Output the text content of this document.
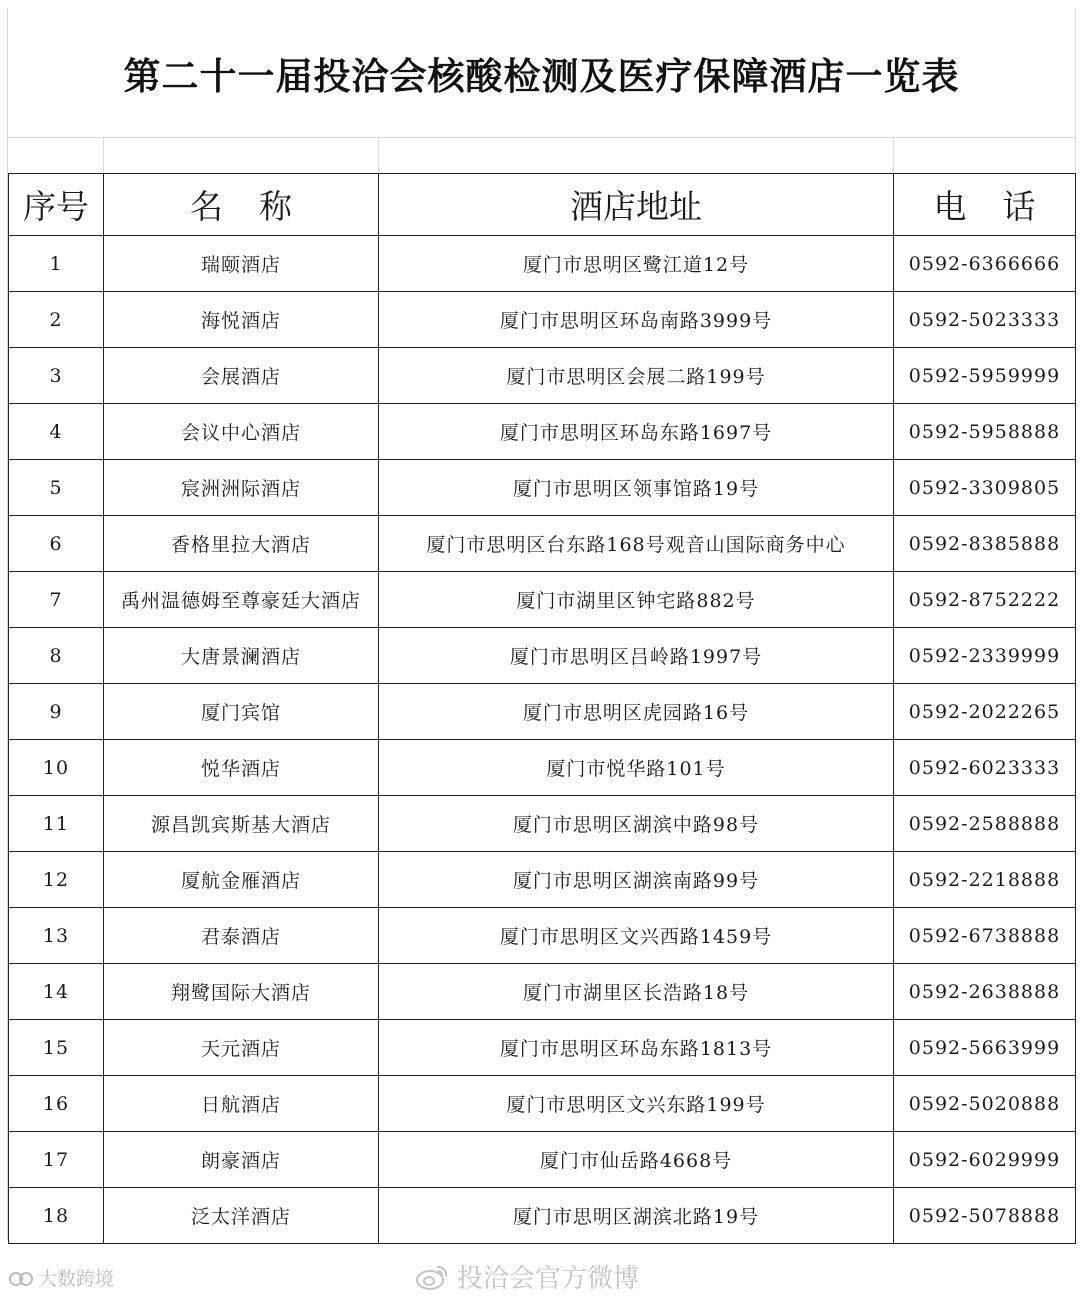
第二十一届投洽会核酸检测及医疗保障酒店一览表
序号	名称	酒店地址	电话
1	瑞颐酒店	厦门市思明区鹭江道12号	0592-6366666
2	海悦酒店	厦门市思明区环岛南路3999号	0592-5023333
3	会展酒店	厦门市思明区会展二路199号	0592-5959999
4	会议中心酒店	厦门市思明区环岛东路1697号	0592-5958888
5	宸洲洲际酒店	厦门市思明区领事馆路19号	0592-3309805
6	香格里拉大酒店	厦门市思明区台东路168号观音山国际商务中心	0592-8385888
7	禹州温德姆至尊豪廷大酒店	厦门市湖里区钟宅路882号	0592-8752222
8	大唐景澜酒店	厦门市思明区吕岭路1997号	0592-2339999
9	厦门宾馆	厦门市思明区虎园路16号	0592-2022265
10	悦华酒店	厦门市悦华路101号	0592-6023333
11	源昌凯宾斯基大酒店	厦门市思明区湖滨中路98号	0592-2588888
12	厦航金雁酒店	厦门市思明区湖滨南路99号	0592-2218888
13	君泰酒店	厦门市思明区文兴西路1459号	0592-6738888
14	翔鹭国际大酒店	厦门市湖里区长浩路18号	0592-2638888
15	天元酒店	厦门市思明区环岛东路1813号	0592-5663999
16	日航酒店	厦门市思明区文兴东路199号	0592-5020888
17	朗豪酒店	厦门市仙岳路4668号	0592-6029999
18	泛太洋酒店	厦门市思明区湖滨北路19号	0592-5078888
大数跨境	投洽会官方微博
